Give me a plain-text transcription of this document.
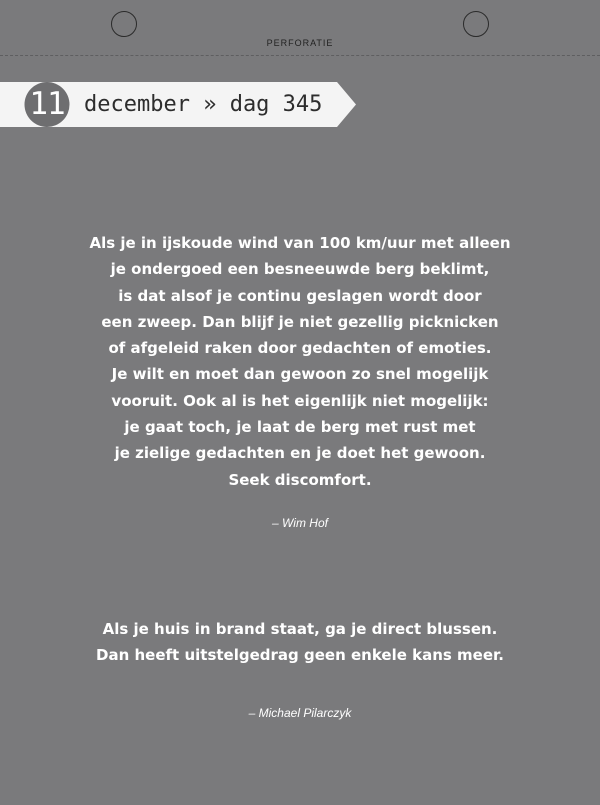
PERFORATIE
11 december » dag 345
Als je in ijskoude wind van 100 km/uur met alleen
je ondergoed een besneeuwde berg beklimt,
is dat alsof je continu geslagen wordt door
een zweep. Dan blijf je niet gezellig picknicken
of afgeleid raken door gedachten of emoties.
Je wilt en moet dan gewoon zo snel mogelijk
vooruit. Ook al is het eigenlijk niet mogelijk:
je gaat toch, je laat de berg met rust met
je zielige gedachten en je doet het gewoon.
Seek discomfort.
– Wim Hof
Als je huis in brand staat, ga je direct blussen.
Dan heeft uitstelgedrag geen enkele kans meer.
– Michael Pilarczyk
